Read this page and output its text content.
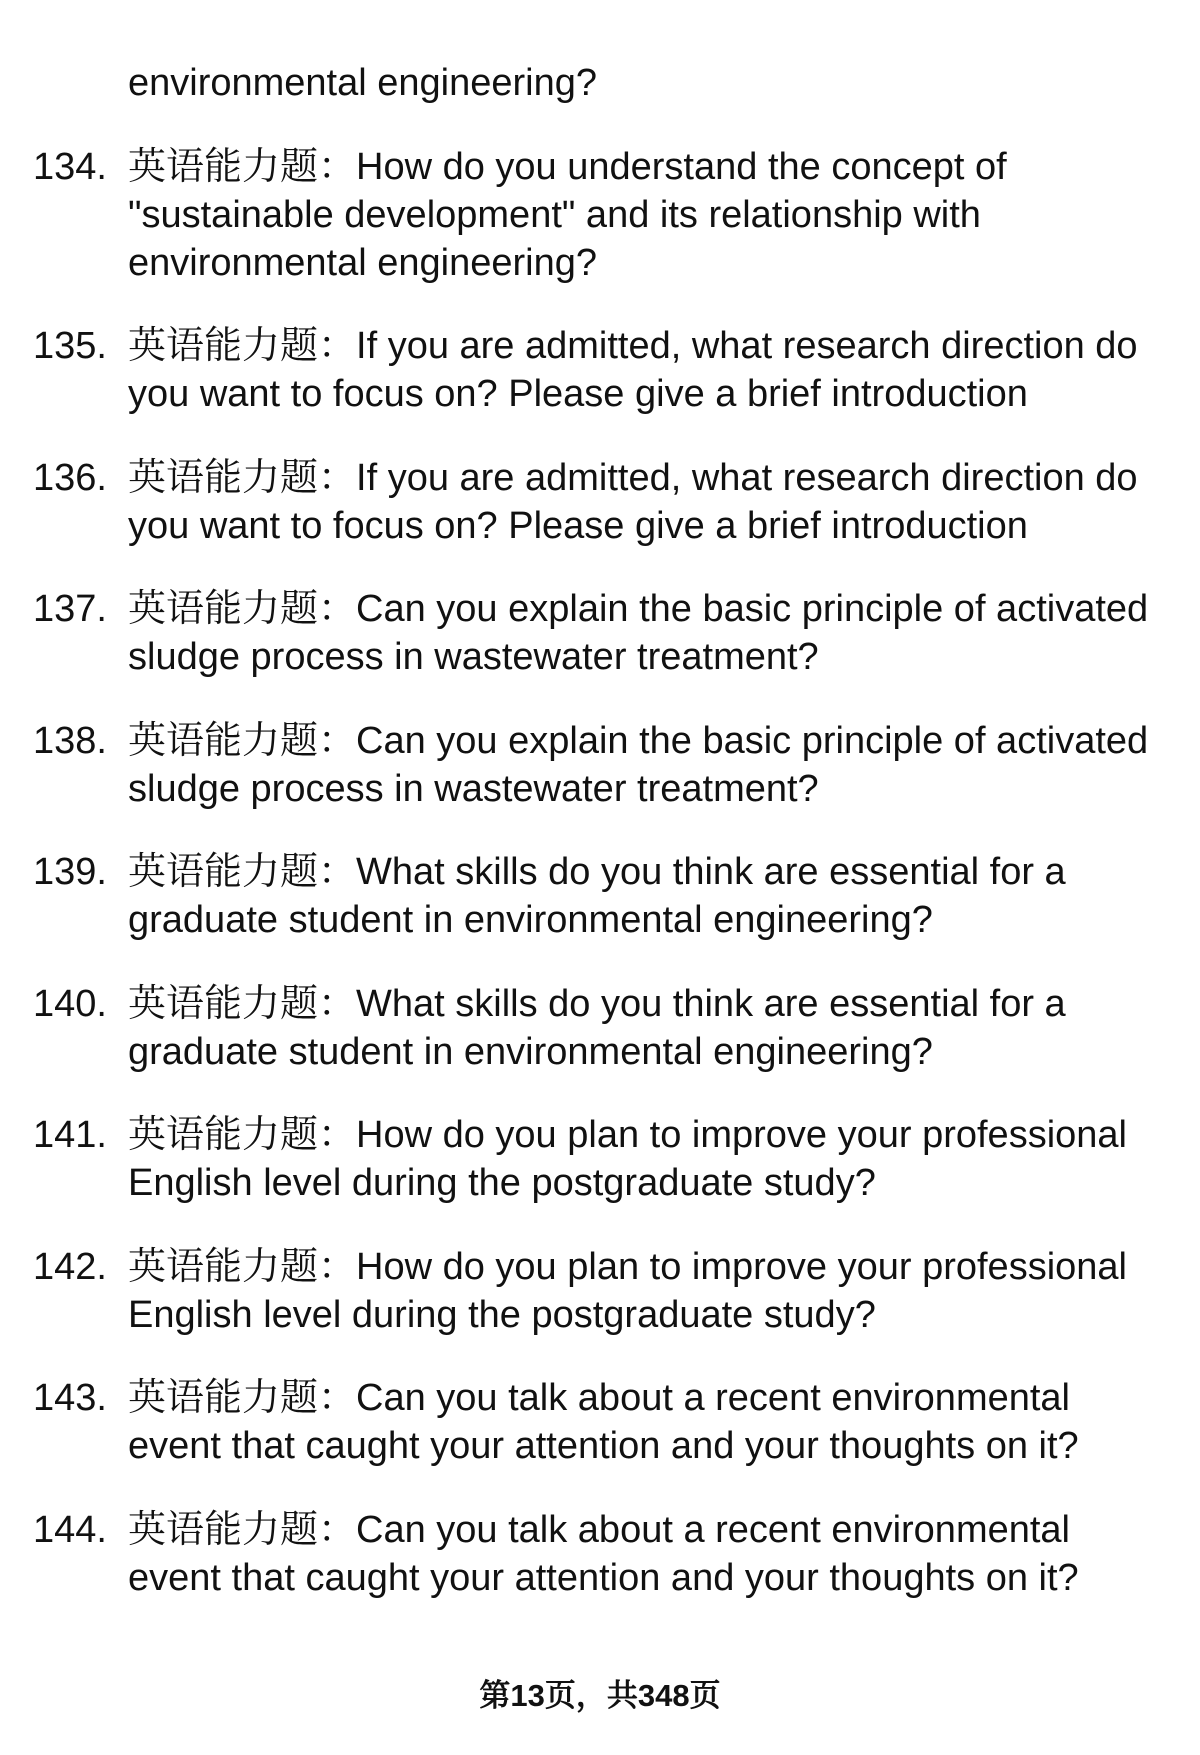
environmental engineering?
134. 英语能力题：How do you understand the concept of
"sustainable development" and its relationship with
environmental engineering?
135. 英语能力题：If you are admitted, what research direction do
you want to focus on? Please give a brief introduction
136. 英语能力题：If you are admitted, what research direction do
you want to focus on? Please give a brief introduction
137. 英语能力题：Can you explain the basic principle of activated
sludge process in wastewater treatment?
138. 英语能力题：Can you explain the basic principle of activated
sludge process in wastewater treatment?
139. 英语能力题：What skills do you think are essential for a
graduate student in environmental engineering?
140. 英语能力题：What skills do you think are essential for a
graduate student in environmental engineering?
141. 英语能力题：How do you plan to improve your professional
English level during the postgraduate study?
142. 英语能力题：How do you plan to improve your professional
English level during the postgraduate study?
143. 英语能力题：Can you talk about a recent environmental
event that caught your attention and your thoughts on it?
144. 英语能力题：Can you talk about a recent environmental
event that caught your attention and your thoughts on it?
第13页，共348页
